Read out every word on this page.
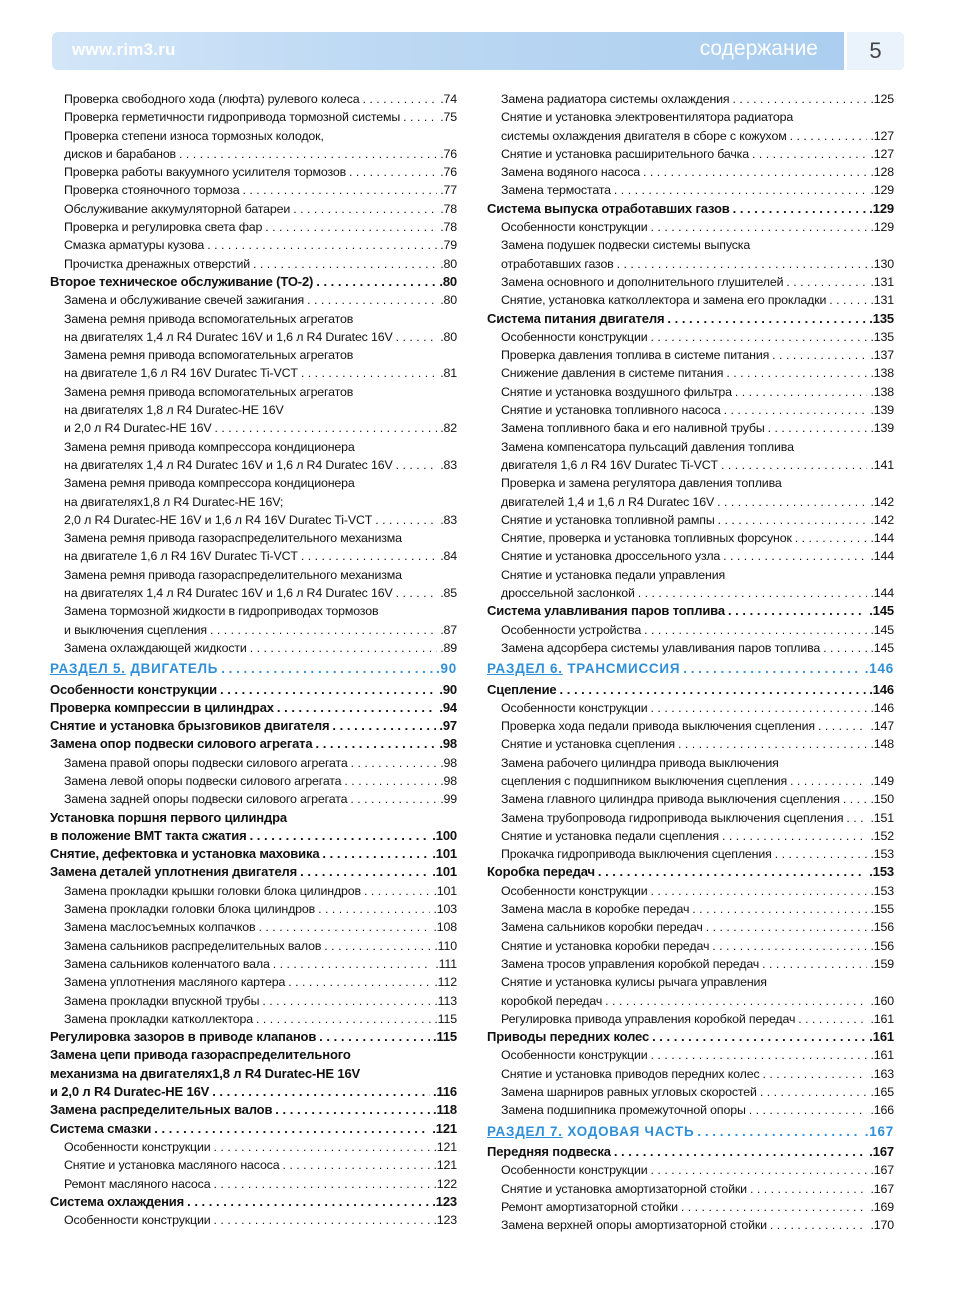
www.rim3.ru	содержание	5
Проверка свободного хода (люфта) рулевого колеса . . .	.74
Проверка герметичности гидропривода тормозной системы . . .	.75
Проверка степени износа тормозных колодок,
дисков и барабанов . . .	.76
Проверка работы вакуумного усилителя тормозов . . .	.76
Проверка стояночного тормоза . . .	.77
Обслуживание аккумуляторной батареи . . .	.78
Проверка и регулировка света фар . . .	.78
Смазка арматуры кузова . . .	.79
Прочистка дренажных отверстий . . .	.80
Второе техническое обслуживание (ТО-2) . . .	.80
Замена и обслуживание свечей зажигания . . .	.80
Замена ремня привода вспомогательных агрегатов
на двигателях 1,4 л R4 Duratec 16V и 1,6 л R4 Duratec 16V . . .	.80
Замена ремня привода вспомогательных агрегатов
на двигателе 1,6 л R4 16V Duratec Ti-VCT . . .	.81
Замена ремня привода вспомогательных агрегатов
на двигателях 1,8 л R4 Duratec-HE 16V
и 2,0 л R4 Duratec-HE 16V . . .	.82
Замена ремня привода компрессора кондиционера
на двигателях 1,4 л R4 Duratec 16V и 1,6 л R4 Duratec 16V . . .	.83
Замена ремня привода компрессора кондиционера
на двигателях1,8 л R4 Duratec-HE 16V;
2,0 л R4 Duratec-HE 16V и 1,6 л R4 16V Duratec Ti-VCT . . .	.83
Замена ремня привода газораспределительного механизма
на двигателе 1,6 л R4 16V Duratec Ti-VCT . . .	.84
Замена ремня привода газораспределительного механизма
на двигателях 1,4 л R4 Duratec 16V и 1,6 л R4 Duratec 16V . . .	.85
Замена тормозной жидкости в гидроприводах тормозов
и выключения сцепления . . .	.87
Замена охлаждающей жидкости . . .	.89
РАЗДЕЛ 5.
ДВИГАТЕЛЬ . . .	.90
Особенности конструкции . . .	.90
Проверка компрессии в цилиндрах . . .	.94
Снятие и установка брызговиков двигателя . . .	.97
Замена опор подвески силового агрегата . . .	.98
Замена правой опоры подвески силового агрегата . . .	.98
Замена левой опоры подвески силового агрегата . . .	.98
Замена задней опоры подвески силового агрегата . . .	.99
Установка поршня первого цилиндра
в положение ВМТ такта сжатия . . .	.100
Снятие, дефектовка и установка маховика . . .	.101
Замена деталей уплотнения двигателя . . .	.101
Замена прокладки крышки головки блока цилиндров . . .	.101
Замена прокладки головки блока цилиндров . . .	.103
Замена маслосъемных колпачков . . .	.108
Замена сальников распределительных валов . . .	.110
Замена сальников коленчатого вала . . .	.111
Замена уплотнения масляного картера . . .	.112
Замена прокладки впускной трубы . . .	.113
Замена прокладки катколлектора . . .	.115
Регулировка зазоров в приводе клапанов . . .	.115
Замена цепи привода газораспределительного
механизма на двигателях1,8 л R4 Duratec-HE 16V
и 2,0 л R4 Duratec-HE 16V . . .	.116
Замена распределительных валов . . .	.118
Система смазки . . .	.121
Особенности конструкции . . .	.121
Снятие и установка масляного насоса . . .	.121
Ремонт масляного насоса . . .	.122
Система охлаждения . . .	.123
Особенности конструкции . . .	.123
Замена радиатора системы охлаждения . . .	.125
Снятие и установка электровентилятора радиатора
системы охлаждения двигателя в сборе с кожухом . . .	.127
Снятие и установка расширительного бачка . . .	.127
Замена водяного насоса . . .	.128
Замена термостата . . .	.129
Система выпуска отработавших газов . . .	.129
Особенности конструкции . . .	.129
Замена подушек подвески системы выпуска
отработавших газов . . .	.130
Замена основного и дополнительного глушителей . . .	.131
Снятие, установка катколлектора и замена его прокладки . . .	.131
Система питания двигателя . . .	.135
Особенности конструкции . . .	.135
Проверка давления топлива в системе питания . . .	.137
Снижение давления в системе питания . . .	.138
Снятие и установка воздушного фильтра . . .	.138
Снятие и установка топливного насоса . . .	.139
Замена топливного бака и его наливной трубы . . .	.139
Замена компенсатора пульсаций давления топлива
двигателя 1,6 л R4 16V Duratec Ti-VCT . . .	.141
Проверка и замена регулятора давления топлива
двигателей 1,4 и 1,6 л R4 Duratec 16V . . .	.142
Снятие и установка топливной рампы . . .	.142
Снятие, проверка и установка топливных форсунок . . .	.144
Снятие и установка дроссельного узла . . .	.144
Снятие и установка педали управления
дроссельной заслонкой . . .	.144
Система улавливания паров топлива . . .	.145
Особенности устройства . . .	.145
Замена адсорбера системы улавливания паров топлива . . .	.145
РАЗДЕЛ 6.
ТРАНСМИССИЯ . . .	.146
Сцепление . . .	.146
Особенности конструкции . . .	.146
Проверка хода педали привода выключения сцепления . . .	.147
Снятие и установка сцепления . . .	.148
Замена рабочего цилиндра привода выключения
сцепления с подшипником выключения сцепления . . .	.149
Замена главного цилиндра привода выключения сцепления . . . .150
Замена трубопровода гидропривода выключения сцепления . . . .151
Снятие и установка педали сцепления . . .	.152
Прокачка гидропривода выключения сцепления . . .	.153
Коробка передач . . .	.153
Особенности конструкции . . .	.153
Замена масла в коробке передач . . .	.155
Замена сальников коробки передач . . .	.156
Снятие и установка коробки передач . . .	.156
Замена тросов управления коробкой передач . . .	.159
Снятие и установка кулисы рычага управления
коробкой передач . . .	.160
Регулировка привода управления коробкой передач . . .	.161
Приводы передних колес . . .	.161
Особенности конструкции . . .	.161
Снятие и установка приводов передних колес . . .	.163
Замена шарниров равных угловых скоростей . . .	.165
Замена подшипника промежуточной опоры . . .	.166
РАЗДЕЛ 7.
ХОДОВАЯ ЧАСТЬ . . .	.167
Передняя подвеска . . .	.167
Особенности конструкции . . .	.167
Снятие и установка амортизаторной стойки . . .	.167
Ремонт амортизаторной стойки . . .	.169
Замена верхней опоры амортизаторной стойки . . .	.170
